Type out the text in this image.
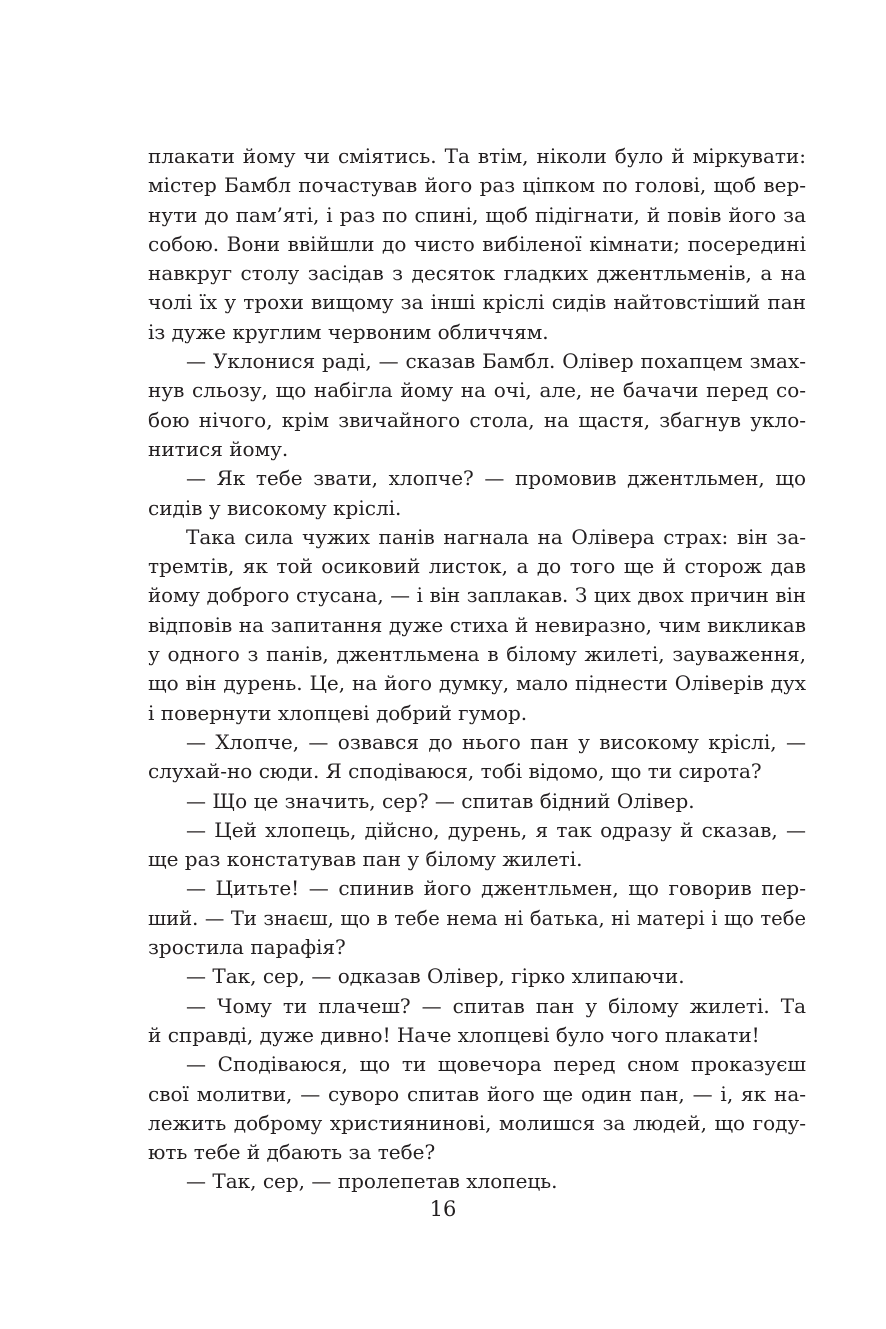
плакати йому чи сміятись. Та втім, ніколи було й міркувати:
містер Бамбл почастував його раз ціпком по голові, щоб вер-
нути до пам’яті, і раз по спині, щоб підігнати, й повів його за
собою. Вони ввійшли до чисто вибіленої кімнати; посередині
навкруг столу засідав з десяток гладких джентльменів, а на
чолі їх у трохи вищому за інші кріслі сидів найтовстіший пан
із дуже круглим червоним обличчям.
— Уклонися раді, — сказав Бамбл. Олівер похапцем змах-
нув сльозу, що набігла йому на очі, але, не бачачи перед со-
бою нічого, крім звичайного стола, на щастя, збагнув укло-
нитися йому.
— Як тебе звати, хлопче? — промовив джентльмен, що
сидів у високому кріслі.
Така сила чужих панів нагнала на Олівера страх: він за-
тремтів, як той осиковий листок, а до того ще й сторож дав
йому доброго стусана, — і він заплакав. З цих двох причин він
відповів на запитання дуже стиха й невиразно, чим викликав
у одного з панів, джентльмена в білому жилеті, зауваження,
що він дурень. Це, на його думку, мало піднести Оліверів дух
і повернути хлопцеві добрий гумор.
— Хлопче, — озвався до нього пан у високому кріслі, —
слухай-но сюди. Я сподіваюся, тобі відомо, що ти сирота?
— Що це значить, сер? — спитав бідний Олівер.
— Цей хлопець, дійсно, дурень, я так одразу й сказав, —
ще раз констатував пан у білому жилеті.
— Цитьте! — спинив його джентльмен, що говорив пер-
ший. — Ти знаєш, що в тебе нема ні батька, ні матері і що тебе
зростила парафія?
— Так, сер, — одказав Олівер, гірко хлипаючи.
— Чому ти плачеш? — спитав пан у білому жилеті. Та
й справді, дуже дивно! Наче хлопцеві було чого плакати!
— Сподіваюся, що ти щовечора перед сном проказуєш
свої молитви, — суворо спитав його ще один пан, — і, як на-
лежить доброму християнинові, молишся за людей, що году-
ють тебе й дбають за тебе?
— Так, сер, — пролепетав хлопець.
16
